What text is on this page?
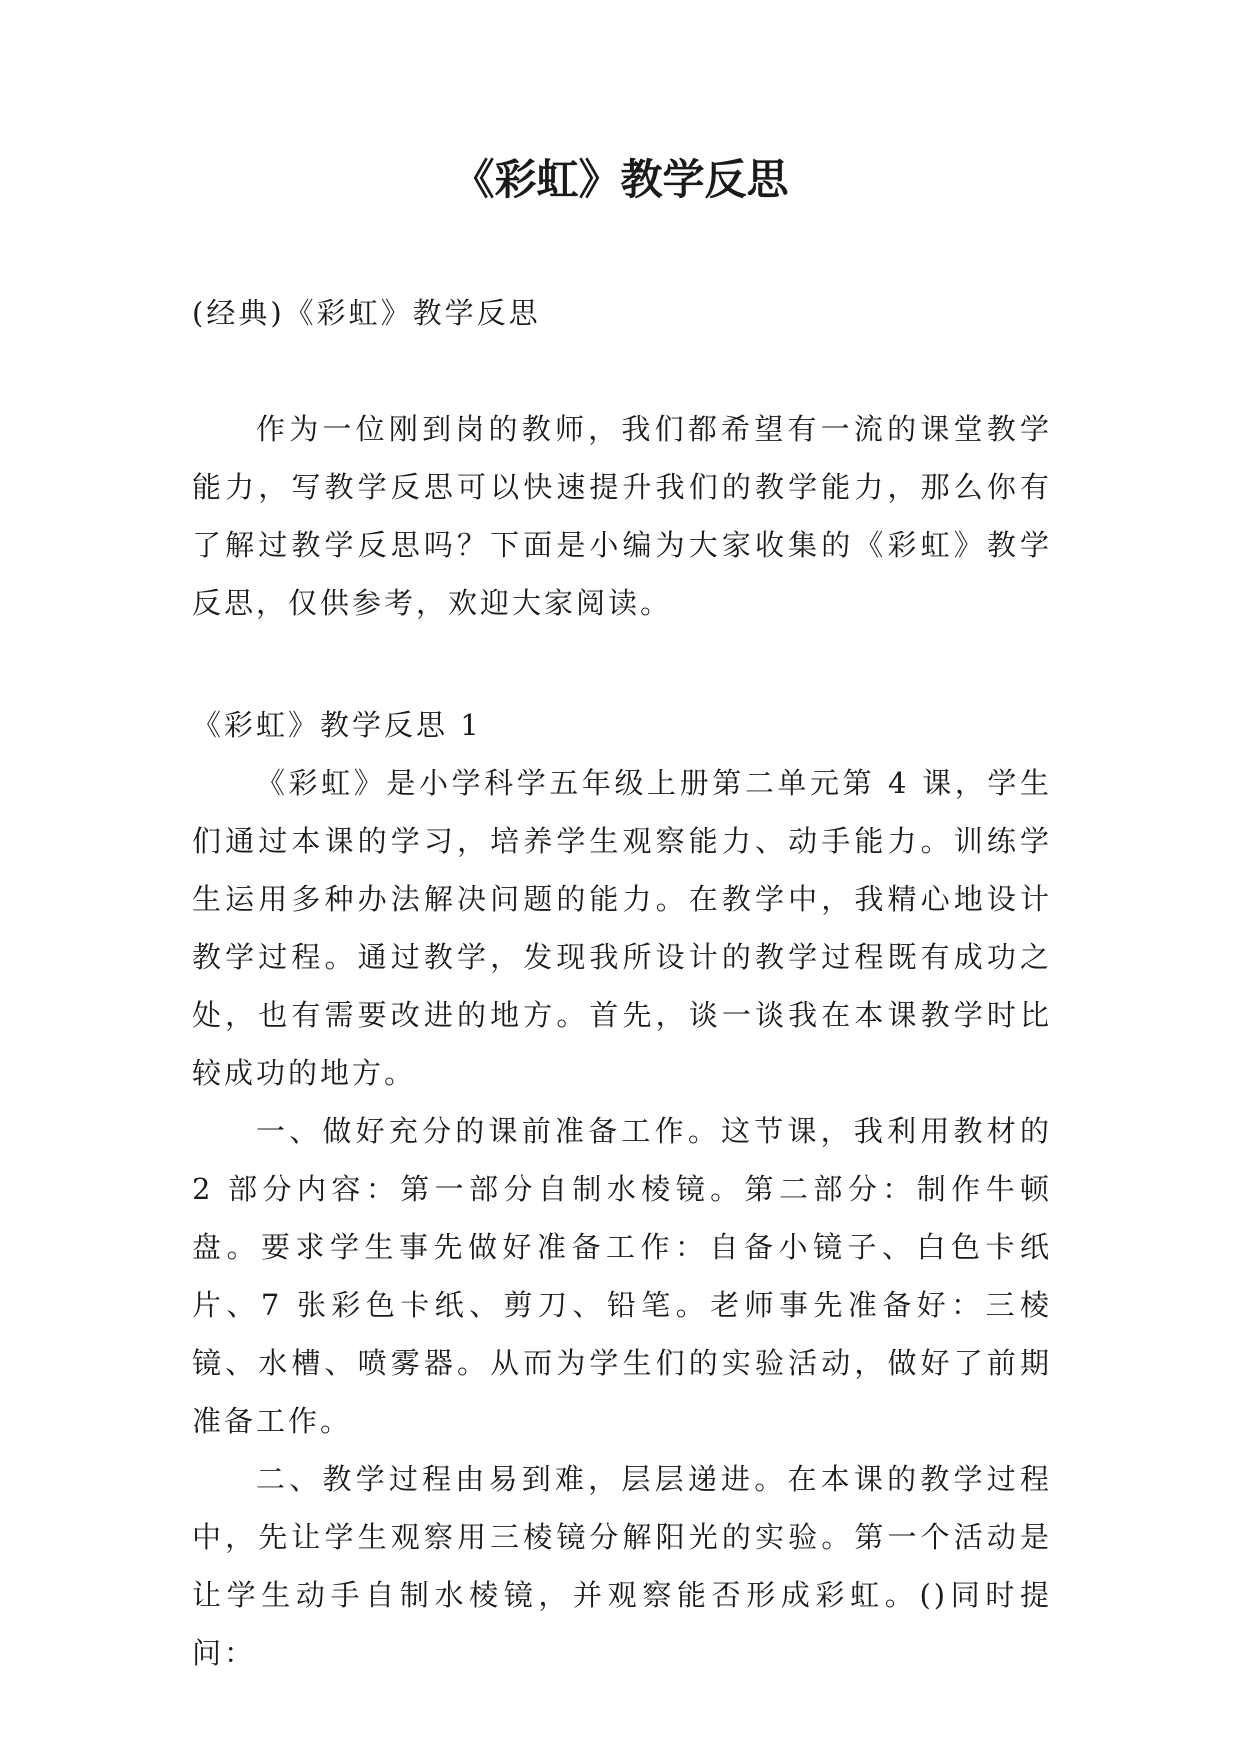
《彩虹》教学反思

(经典)《彩虹》教学反思

作为一位刚到岗的教师，我们都希望有一流的课堂教学能力，写教学反思可以快速提升我们的教学能力，那么你有了解过教学反思吗？下面是小编为大家收集的《彩虹》教学反思，仅供参考，欢迎大家阅读。

《彩虹》教学反思 1

《彩虹》是小学科学五年级上册第二单元第 4 课，学生们通过本课的学习，培养学生观察能力、动手能力。训练学生运用多种办法解决问题的能力。在教学中，我精心地设计教学过程。通过教学，发现我所设计的教学过程既有成功之处，也有需要改进的地方。首先，谈一谈我在本课教学时比较成功的地方。

一、做好充分的课前准备工作。这节课，我利用教材的 2 部分内容：第一部分自制水棱镜。第二部分：制作牛顿盘。要求学生事先做好准备工作：自备小镜子、白色卡纸片、7 张彩色卡纸、剪刀、铅笔。老师事先准备好：三棱镜、水槽、喷雾器。从而为学生们的实验活动，做好了前期准备工作。

二、教学过程由易到难，层层递进。在本课的教学过程中，先让学生观察用三棱镜分解阳光的实验。第一个活动是让学生动手自制水棱镜，并观察能否形成彩虹。()同时提问：
